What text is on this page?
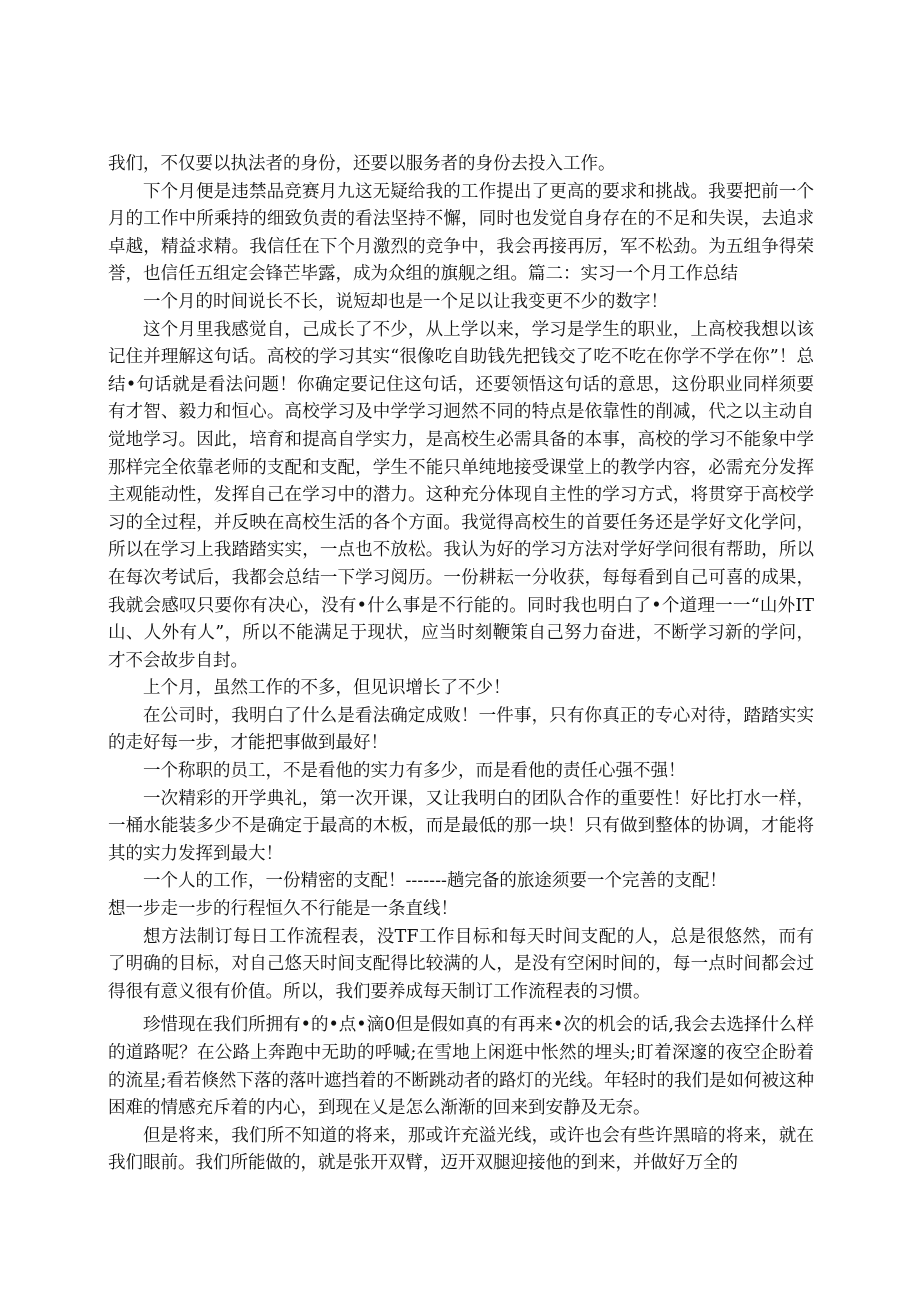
我们，不仅要以执法者的身份，还要以服务者的身份去投入工作。

下个月便是违禁品竞赛月九这无疑给我的工作提出了更高的要求和挑战。我要把前一个月的工作中所乘持的细致负责的看法坚持不懈，同时也发觉自身存在的不足和失误，去追求卓越，精益求精。我信任在下个月激烈的竞争中，我会再接再厉，军不松劲。为五组争得荣誉，也信任五组定会锋芒毕露，成为众组的旗舰之组。篇二：实习一个月工作总结

一个月的时间说长不长，说短却也是一个足以让我变更不少的数字！

这个月里我感觉自，己成长了不少，从上学以来，学习是学生的职业，上高校我想以该记住并理解这句话。高校的学习其实“很像吃自助钱先把钱交了吃不吃在你学不学在你”！总结•句话就是看法问题！你确定要记住这句话，还要领悟这句话的意思，这份职业同样须要有才智、毅力和恒心。高校学习及中学学习迥然不同的特点是依靠性的削减，代之以主动自觉地学习。因此，培育和提高自学实力，是高校生必需具备的本事，高校的学习不能象中学那样完全依靠老师的支配和支配，学生不能只单纯地接受课堂上的教学内容，必需充分发挥主观能动性，发挥自己在学习中的潜力。这种充分体现自主性的学习方式，将贯穿于高校学习的全过程，并反映在高校生活的各个方面。我觉得高校生的首要任务还是学好文化学问，所以在学习上我踏踏实实，一点也不放松。我认为好的学习方法对学好学问很有帮助，所以在每次考试后，我都会总结一下学习阅历。一份耕耘一分收获，每每看到自己可喜的成果，我就会感叹只要你有决心，没有•什么事是不行能的。同时我也明白了•个道理一一“山外IT山、人外有人”，所以不能满足于现状，应当时刻鞭策自己努力奋进，不断学习新的学问，才不会故步自封。

上个月，虽然工作的不多，但见识增长了不少！

在公司时，我明白了什么是看法确定成败！一件事，只有你真正的专心对待，踏踏实实的走好每一步，才能把事做到最好！

一个称职的员工，不是看他的实力有多少，而是看他的责任心强不强！

一次精彩的开学典礼，第一次开课，又让我明白的团队合作的重要性！好比打水一样，一桶水能装多少不是确定于最高的木板，而是最低的那一块！只有做到整体的协调，才能将其的实力发挥到最大！

一个人的工作，一份精密的支配！-------趟完备的旅途须要一个完善的支配！

想一步走一步的行程恒久不行能是一条直线！

想方法制订每日工作流程表，没TF工作目标和每天时间支配的人，总是很悠然，而有了明确的目标，对自己悠天时间支配得比较满的人，是没有空闲时间的，每一点时间都会过得很有意义很有价值。所以，我们要养成每天制订工作流程表的习惯。

珍惜现在我们所拥有•的•点•滴0但是假如真的有再来•次的机会的话,我会去选择什么样的道路呢？在公路上奔跑中无助的呼喊;在雪地上闲逛中怅然的埋头;盯着深邃的夜空企盼着的流星;看若倏然下落的落叶遮挡着的不断跳动者的路灯的光线。年轻时的我们是如何被这种困难的情感充斥着的内心，到现在乂是怎么渐渐的回来到安静及无奈。

但是将来，我们所不知道的将来，那或许充溢光线，或许也会有些许黑暗的将来，就在我们眼前。我们所能做的，就是张开双臂，迈开双腿迎接他的到来，并做好万全的
